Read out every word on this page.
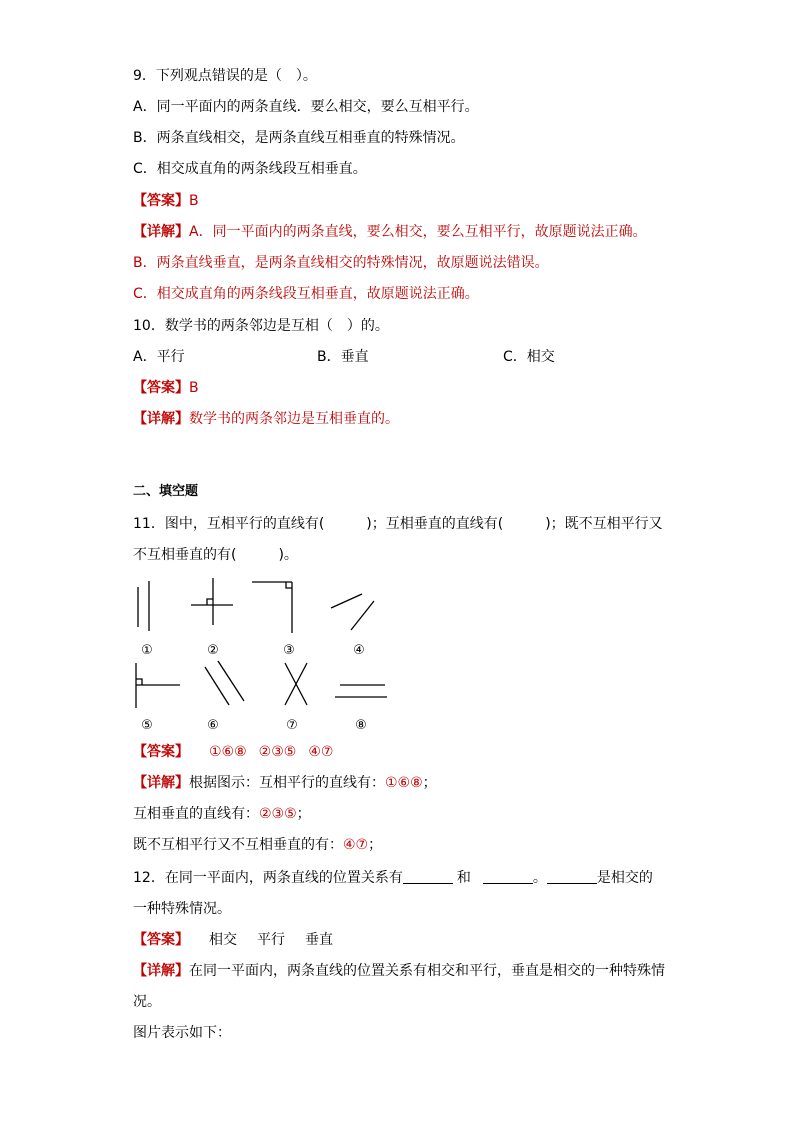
9．下列观点错误的是（　）。
A．同一平面内的两条直线．要么相交，要么互相平行。
B．两条直线相交，是两条直线互相垂直的特殊情况。
C．相交成直角的两条线段互相垂直。
【答案】B
【详解】A．同一平面内的两条直线，要么相交，要么互相平行，故原题说法正确。
B．两条直线垂直，是两条直线相交的特殊情况，故原题说法错误。
C．相交成直角的两条线段互相垂直，故原题说法正确。
10．数学书的两条邻边是互相（　）的。
A．平行	B．垂直	C．相交
【答案】B
【详解】数学书的两条邻边是互相垂直的。
二、填空题
11．图中，互相平行的直线有(　　　)；互相垂直的直线有(　　　)；既不互相平行又
不互相垂直的有(　　　)。
①	②	③	④
⑤	⑥	⑦	⑧
【答案】 ①⑥⑧ ②③⑤ ④⑦
【详解】根据图示：互相平行的直线有：①⑥⑧；
互相垂直的直线有：②③⑤；
既不互相平行又不互相垂直的有：④⑦；
12．在同一平面内，两条直线的位置关系有	和	。	是相交的
一种特殊情况。
【答案】 相交 平行 垂直
【详解】在同一平面内，两条直线的位置关系有相交和平行，垂直是相交的一种特殊情
况。
图片表示如下：
